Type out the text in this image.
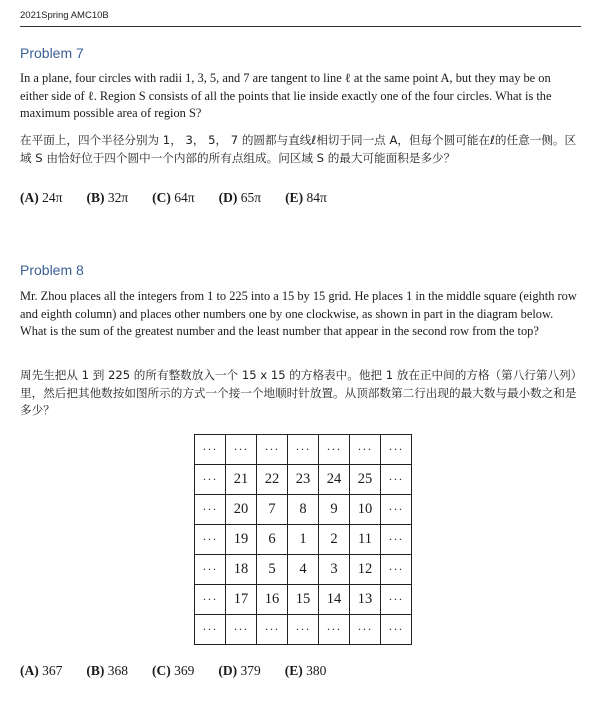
2021Spring AMC10B
Problem 7
In a plane, four circles with radii 1, 3, 5, and 7 are tangent to line ℓ at the same point A, but they may be on either side of ℓ. Region S consists of all the points that lie inside exactly one of the four circles. What is the maximum possible area of region S?
在平面上，四个半径分别为 1， 3， 5， 7 的圆都与直线ℓ相切于同一点 A，但每个圆可能在ℓ的任意一侧。区域 S 由恰好位于四个圆中一个内部的所有点组成。问区域 S 的最大可能面积是多少？
(A) 24π (B) 32π (C) 64π (D) 65π (E) 84π
Problem 8
Mr. Zhou places all the integers from 1 to 225 into a 15 by 15 grid. He places 1 in the middle square (eighth row and eighth column) and places other numbers one by one clockwise, as shown in part in the diagram below. What is the sum of the greatest number and the least number that appear in the second row from the top?
周先生把从 1 到 225 的所有整数放入一个 15 x 15 的方格表中。他把 1 放在正中间的方格（第八行第八列）里，然后把其他数按如图所示的方式一个接一个地顺时针放置。从顶部数第二行出现的最大数与最小数之和是多少？
···	···	···	···	···	···	···
···	21	22	23	24	25	···
···	20	7	8	9	10	···
···	19	6	1	2	11	···
···	18	5	4	3	12	···
···	17	16	15	14	13	···
···	···	···	···	···	···	···
(A) 367 (B) 368 (C) 369 (D) 379 (E) 380
